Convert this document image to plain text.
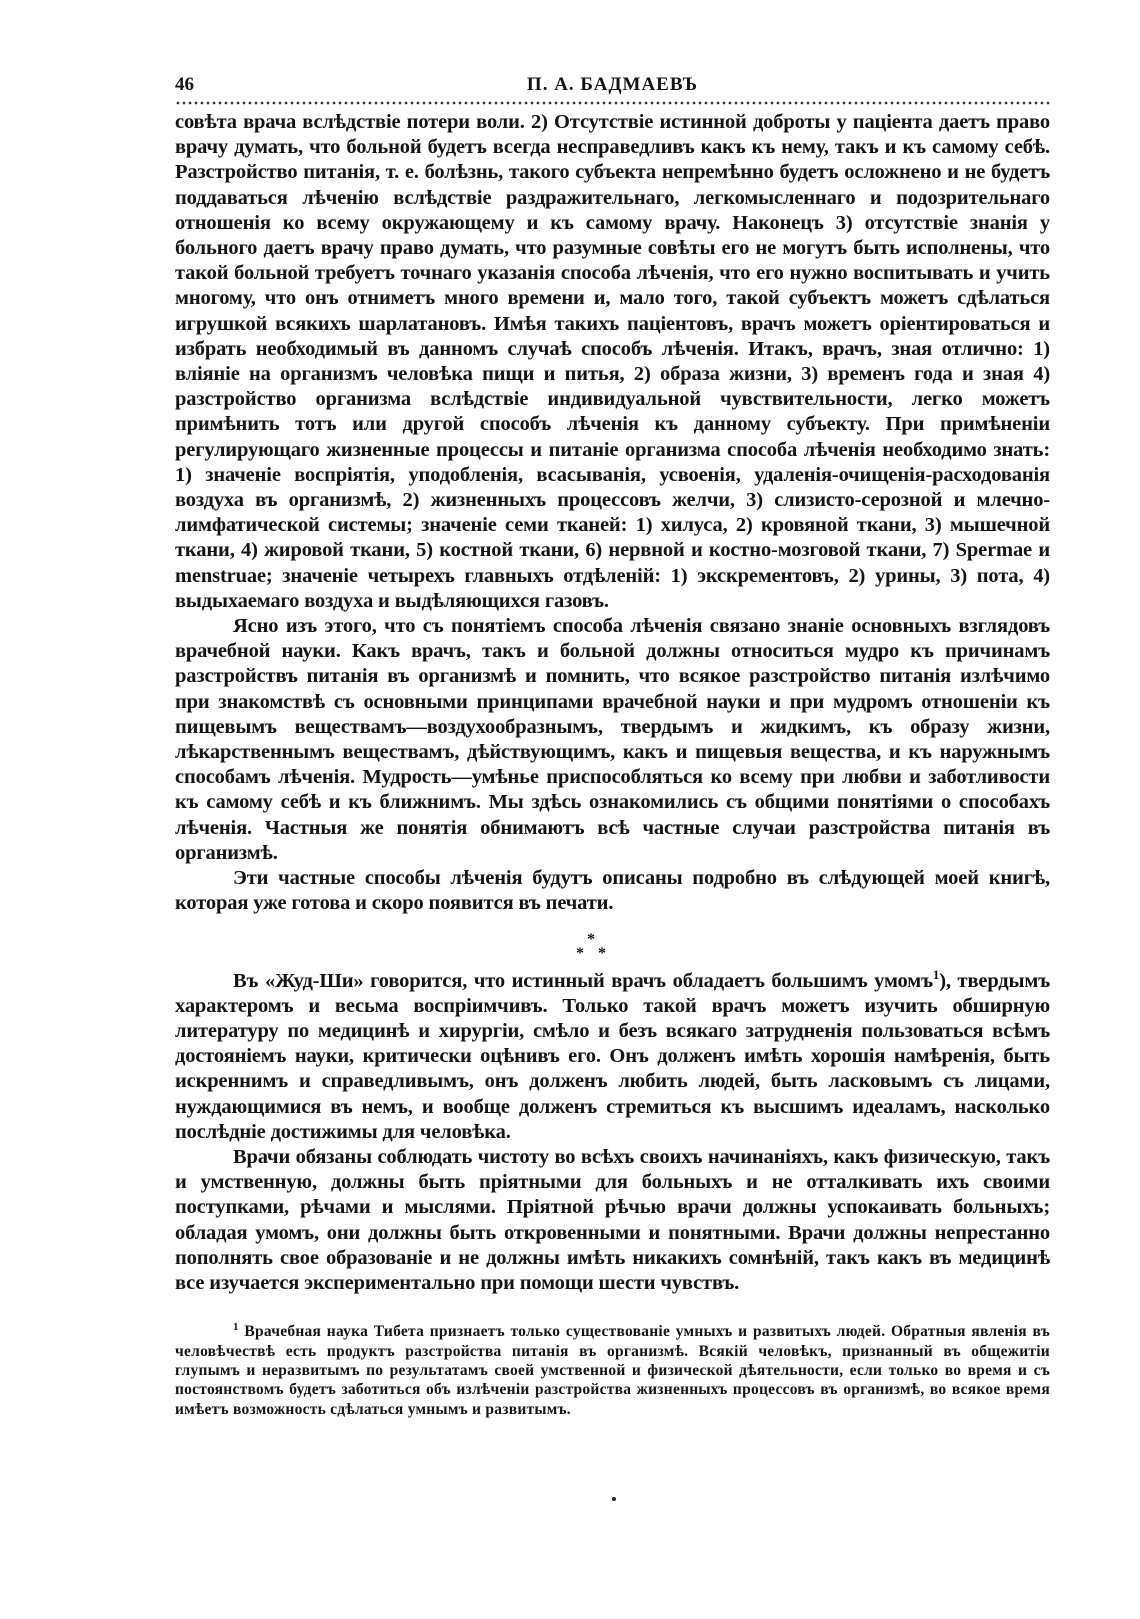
46	П. А. БАДМАЕВЪ

совѣта врача вслѣдствіе потери воли. 2) Отсутствіе истинной доброты у паціента даетъ право врачу думать, что больной будетъ всегда несправедливъ какъ къ нему, такъ и къ самому себѣ. Разстройство питанія, т. е. болѣзнь, такого субъекта непремѣнно будетъ осложнено и не будетъ поддаваться лѣченію вслѣдствіе раздражительнаго, легкомысленнаго и подозрительнаго отношенія ко всему окружающему и къ самому врачу. Наконецъ 3) отсутствіе знанія у больного даетъ врачу право думать, что разумные совѣты его не могутъ быть исполнены, что такой больной требуетъ точнаго указанія способа лѣченія, что его нужно воспитывать и учить многому, что онъ отниметъ много времени и, мало того, такой субъектъ можетъ сдѣлаться игрушкой всякихъ шарлатановъ. Имѣя такихъ паціентовъ, врачъ можетъ оріентироваться и избрать необходимый въ данномъ случаѣ способъ лѣченія. Итакъ, врачъ, зная отлично: 1) вліяніе на организмъ человѣка пищи и питья, 2) образа жизни, 3) временъ года и зная 4) разстройство организма вслѣдствіе индивидуальной чувствительности, легко можетъ примѣнить тотъ или другой способъ лѣченія къ данному субъекту. При примѣненіи регулирующаго жизненные процессы и питаніе организма способа лѣченія необходимо знать: 1) значеніе воспріятія, уподобленія, всасыванія, усвоенія, удаленія-очищенія-расходованія воздуха въ организмѣ, 2) жизненныхъ процессовъ желчи, 3) слизисто-серозной и млечно-лимфатической системы; значеніе семи тканей: 1) хилуса, 2) кровяной ткани, 3) мышечной ткани, 4) жировой ткани, 5) костной ткани, 6) нервной и костно-мозговой ткани, 7) Spermae и menstruae; значеніе четырехъ главныхъ отдѣленій: 1) экскрементовъ, 2) урины, 3) пота, 4) выдыхаемаго воздуха и выдѣляющихся газовъ.

Ясно изъ этого, что съ понятіемъ способа лѣченія связано знаніе основныхъ взглядовъ врачебной науки. Какъ врачъ, такъ и больной должны относиться мудро къ причинамъ разстройствъ питанія въ организмѣ и помнить, что всякое разстройство питанія излѣчимо при знакомствѣ съ основными принципами врачебной науки и при мудромъ отношеніи къ пищевымъ веществамъ—воздухообразнымъ, твердымъ и жидкимъ, къ образу жизни, лѣкарственнымъ веществамъ, дѣйствующимъ, какъ и пищевыя вещества, и къ наружнымъ способамъ лѣченія. Мудрость—умѣнье приспособляться ко всему при любви и заботливости къ самому себѣ и къ ближнимъ. Мы здѣсь ознакомились съ общими понятіями о способахъ лѣченія. Частныя же понятія обнимаютъ всѣ частные случаи разстройства питанія въ организмѣ.

Эти частные способы лѣченія будутъ описаны подробно въ слѣдующей моей книгѣ, которая уже готова и скоро появится въ печати.

*
* *

Въ «Жуд-Ши» говорится, что истинный врачъ обладаетъ большимъ умомъ$^1$), твердымъ характеромъ и весьма воспріимчивъ. Только такой врачъ можетъ изучить обширную литературу по медицинѣ и хирургіи, смѣло и безъ всякаго затрудненія пользоваться всѣмъ достояніемъ науки, критически оцѣнивъ его. Онъ долженъ имѣть хорошія намѣренія, быть искреннимъ и справедливымъ, онъ долженъ любить людей, быть ласковымъ съ лицами, нуждающимися въ немъ, и вообще долженъ стремиться къ высшимъ идеаламъ, насколько послѣдніе достижимы для человѣка.

Врачи обязаны соблюдать чистоту во всѣхъ своихъ начинаніяхъ, какъ физическую, такъ и умственную, должны быть пріятными для больныхъ и не отталкивать ихъ своими поступками, рѣчами и мыслями. Пріятной рѣчью врачи должны успокаивать больныхъ; обладая умомъ, они должны быть откровенными и понятными. Врачи должны непрестанно пополнять свое образованіе и не должны имѣть никакихъ сомнѣній, такъ какъ въ медицинѣ все изучается экспериментально при помощи шести чувствъ.

$^1$ Врачебная наука Тибета признаетъ только существованіе умныхъ и развитыхъ людей. Обратныя явленія въ человѣчествѣ есть продуктъ разстройства питанія въ организмѣ. Всякій человѣкъ, признанный въ общежитіи глупымъ и неразвитымъ по результатамъ своей умственной и физической дѣятельности, если только во время и съ постоянствомъ будетъ заботиться объ излѣченіи разстройства жизненныхъ процессовъ въ организмѣ, во всякое время имѣетъ возможность сдѣлаться умнымъ и развитымъ.
